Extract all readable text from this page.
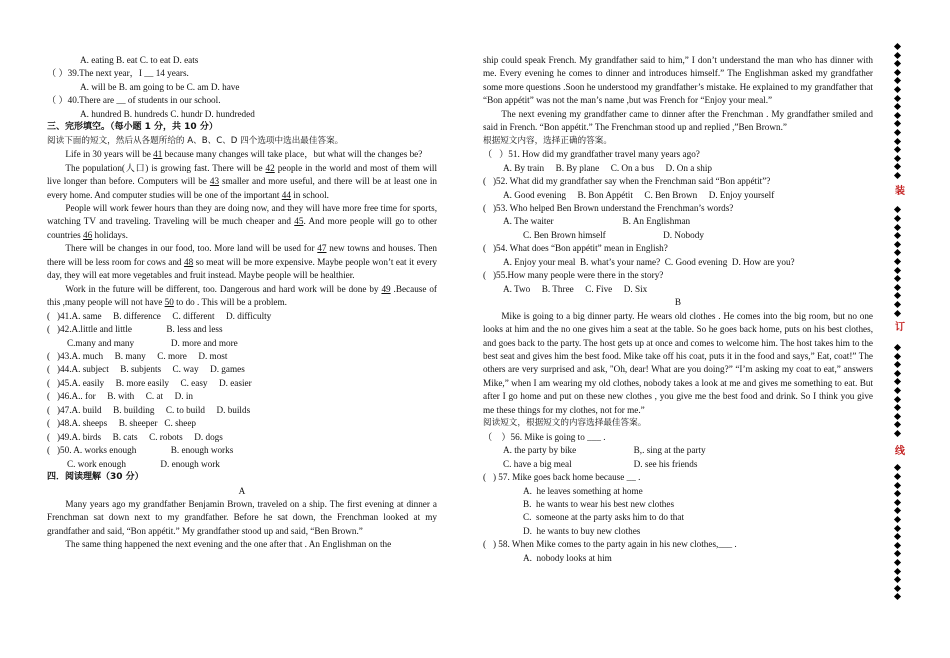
A. eating B. eat C. to eat D. eats
（ ）39.The next year，I __ 14 years.
A. will be B. am going to be C. am D. have
（ ）40.There are __ of students in our school.
A. hundred B. hundreds C. hundr D. hundreded
三、完形填空。（每小题 1 分，共 10 分）
阅读下面的短文，然后从各题所给的 A、B、C、D 四个选项中选出最佳答案。

Life in 30 years will be 41 because many changes will take place，but what will the changes be?

The population(人口) is growing fast. There will be 42 people in the world and most of them will live longer than before. Computers will be 43 smaller and more useful, and there will be at least one in every home. And computer studies will be one of the important 44 in school.

People will work fewer hours than they are doing now, and they will have more free time for sports, watching TV and traveling. Traveling will be much cheaper and 45. And more people will go to other countries 46 holidays.

There will be changes in our food, too. More land will be used for 47 new towns and houses. Then there will be less room for cows and 48 so meat will be more expensive. Maybe people won’t eat it every day, they will eat more vegetables and fruit instead. Maybe people will be healthier.

Work in the future will be different, too. Dangerous and hard work will be done by 49 .Because of this ,many people will not have 50 to do . This will be a problem.

(   )41.A. same     B. difference     C. different     D. difficulty
(   )42.A.little and little               B. less and less
C.many and many                D. more and more
(   )43.A. much     B. many     C. more     D. most
(   )44.A. subject     B. subjents     C. way     D. games
(   )45.A. easily     B. more easily     C. easy     D. easier
(   )46.A.. for     B. with     C. at     D. in
(   )47.A. build     B. building     C. to build     D. builds
(   )48.A. sheeps     B. sheeper   C. sheep
(   )49.A. birds     B. cats     C. robots     D. dogs
(   )50. A. works enough               B. enough works
C. work enough               D. enough work
四．阅读理解（30 分）
A

Many years ago my grandfather Benjamin Brown, traveled on a ship. The first evening at dinner a Frenchman sat down next to my grandfather. Before he sat down, the Frenchman looked at my grandfather and said, “Bon appétit.” My grandfather stood up and said, “Ben Brown.”

The same thing happened the next evening and the one after that . An Englishman on the

ship could speak French. My grandfather said to him,” I don’t understand the man who has dinner with me. Every evening he comes to dinner and introduces himself.” The Englishman asked my grandfather some more questions .Soon he understood my grandfather’s mistake. He explained to my grandfather that “Bon appétit” was not the man’s name ,but was French for “Enjoy your meal.”

The next evening my grandfather came to dinner after the Frenchman . My grandfather smiled and said in French. “Bon appétit.” The Frenchman stood up and replied ,”Ben Brown.”

根据短文内容，选择正确的答案。
（   ）51. How did my grandfather travel many years ago?
A. By train     B. By plane     C. On a bus     D. On a ship
(   )52. What did my grandfather say when the Frenchman said “Bon appétit”?
A. Good evening     B. Bon Appétit     C. Ben Brown     D. Enjoy yourself
(   )53. Who helped Ben Brown understand the Frenchman’s words?
A. The waiter                              B. An Englishman
C. Ben Brown himself                         D. Nobody
(   )54. What does “Bon appétit” mean in English?
A. Enjoy your meal  B. what’s your name?  C. Good evening  D. How are you?
(   )55.How many people were there in the story?
A. Two     B. Three     C. Five     D. Six
B

Mike is going to a big dinner party. He wears old clothes . He comes into the big room, but no one looks at him and the no one gives him a seat at the table. So he goes back home, puts on his best clothes, and goes back to the party. The host gets up at once and comes to welcome him. The host takes him to the best seat and gives him the best food. Mike take off his coat, puts it in the food and says,” Eat, coat!” The others are very surprised and ask, "Oh, dear! What are you doing?” “I’m asking my coat to eat,” answers Mike,” when I am wearing my old clothes, nobody takes a look at me and gives me something to eat. But after I go home and put on these new clothes , you give me the best food and drink. So I think you give me these things for my clothes, not for me.”

阅读短文，根据短文的内容选择最佳答案。
（    ）56. Mike is going to ___ .
A. the party by bike                         B,. sing at the party
C. have a big meal                           D. see his friends
(   ) 57. Mike goes back home because __ .
A.  he leaves something at home
B.  he wants to wear his best new clothes
C.  someone at the party asks him to do that
D.  he wants to buy new clothes
(   ) 58. When Mike comes to the party again in his new clothes,___ .
A.  nobody looks at him
装
订
线
